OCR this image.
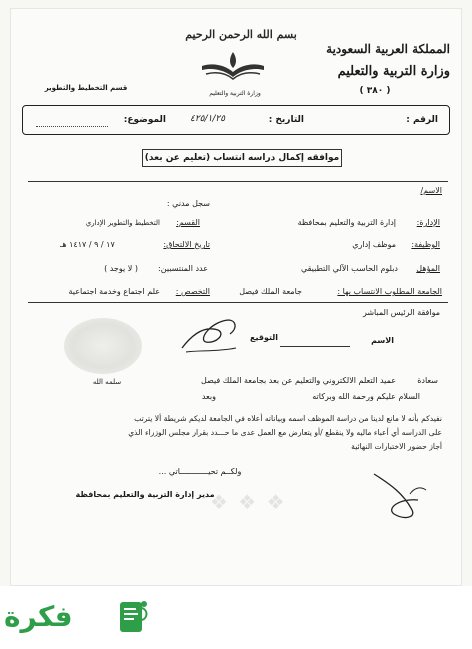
بسم الله الرحمن الرحيم
وزارة التربية والتعليم
المملكة العربية السعودية
وزارة التربية والتعليم
( ٣٨٠ )
قسم التخطيط والتطوير
الرقم :
التاريخ :
٤٢٥/١/٢٥
الموضوع:
موافقه إكمال دراسه انتساب (تعليم عن بعد)
الاسم/
سجل مدني :
الإدارة:
إدارة التربية والتعليم بمحافظة
القسم:
التخطيط والتطوير الإداري
الوظيفة:
موظف إداري
تاريخ الالتحاق:
١٧ / ٩ / ١٤١٧ هـ
المؤهل
دبلوم الحاسب الآلي التطبيقي
عدد المنتسبين:
( لا يوجد )
الجامعة المطلوب الانتساب بها :
جامعة الملك فيصل
التخصص :
علم اجتماع وخدمة اجتماعية
موافقة الرئيس المباشر
التوقيع	الاسم
سلمه الله	سعادة
عميد التعلم الالكتروني والتعليم عن بعد بجامعة الملك فيصل
السلام عليكم ورحمة الله وبركاته
وبعد
نفيدكم بأنه لا مانع لدينا من دراسة الموظف اسمه وبياناته أعلاه في الجامعة لديكم شريطة ألا يترتب
على الدراسه أي أعباء ماليه ولا ينقطع /أو يتعارض مع العمل عدى ما حـــدد بقرار مجلس الوزراء الذي
أجاز حضور الاختبارات النهائية
ولكــم تحيــــــــــــاتي ...
❖ ❖ ❖
مدير إدارة التربية والتعليم بمحافظة
فكرة
